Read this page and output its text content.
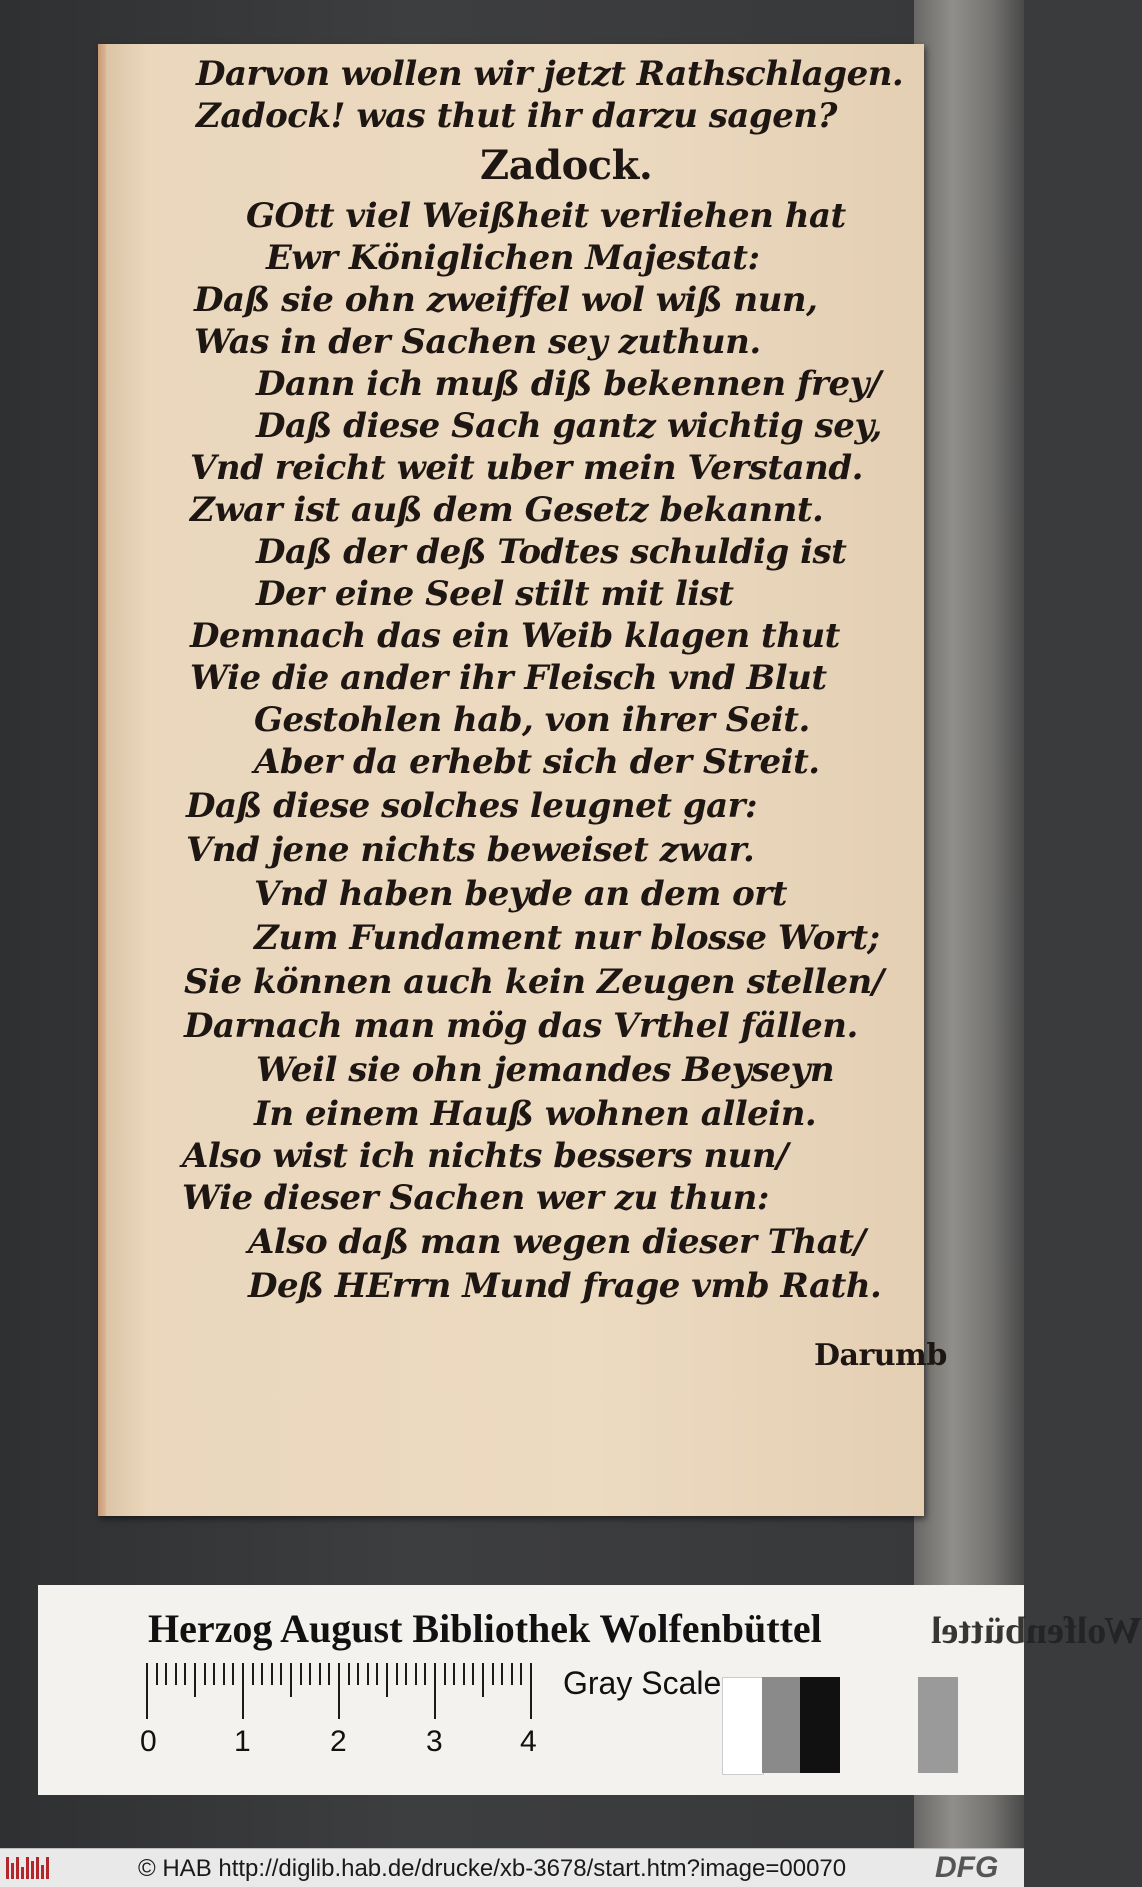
Darvon wollen wir jetzt Rathschlagen.
Zadock! was thut ihr darzu sagen?
Zadock.
GOtt viel Weißheit verliehen hat
Ewr Königlichen Majestat:
Daß sie ohn zweiffel wol wiß nun,
Was in der Sachen sey zuthun.
Dann ich muß diß bekennen frey/
Daß diese Sach gantz wichtig sey,
Vnd reicht weit uber mein Verstand.
Zwar ist auß dem Gesetz bekannt.
Daß der deß Todtes schuldig ist
Der eine Seel stilt mit list
Demnach das ein Weib klagen thut
Wie die ander ihr Fleisch vnd Blut
Gestohlen hab, von ihrer Seit.
Aber da erhebt sich der Streit.
Daß diese solches leugnet gar:
Vnd jene nichts beweiset zwar.
Vnd haben beyde an dem ort
Zum Fundament nur blosse Wort;
Sie können auch kein Zeugen stellen/
Darnach man mög das Vrthel fällen.
Weil sie ohn jemandes Beyseyn
In einem Hauß wohnen allein.
Also wist ich nichts bessers nun/
Wie dieser Sachen wer zu thun:
Also daß man wegen dieser That/
Deß HErrn Mund frage vmb Rath.
Darumb
Herzog August Bibliothek Wolfenbüttel	Wolfenbüttel
0	1	2	3	4
Gray Scale
© HAB http://diglib.hab.de/drucke/xb-3678/start.htm?image=00070	DFG
